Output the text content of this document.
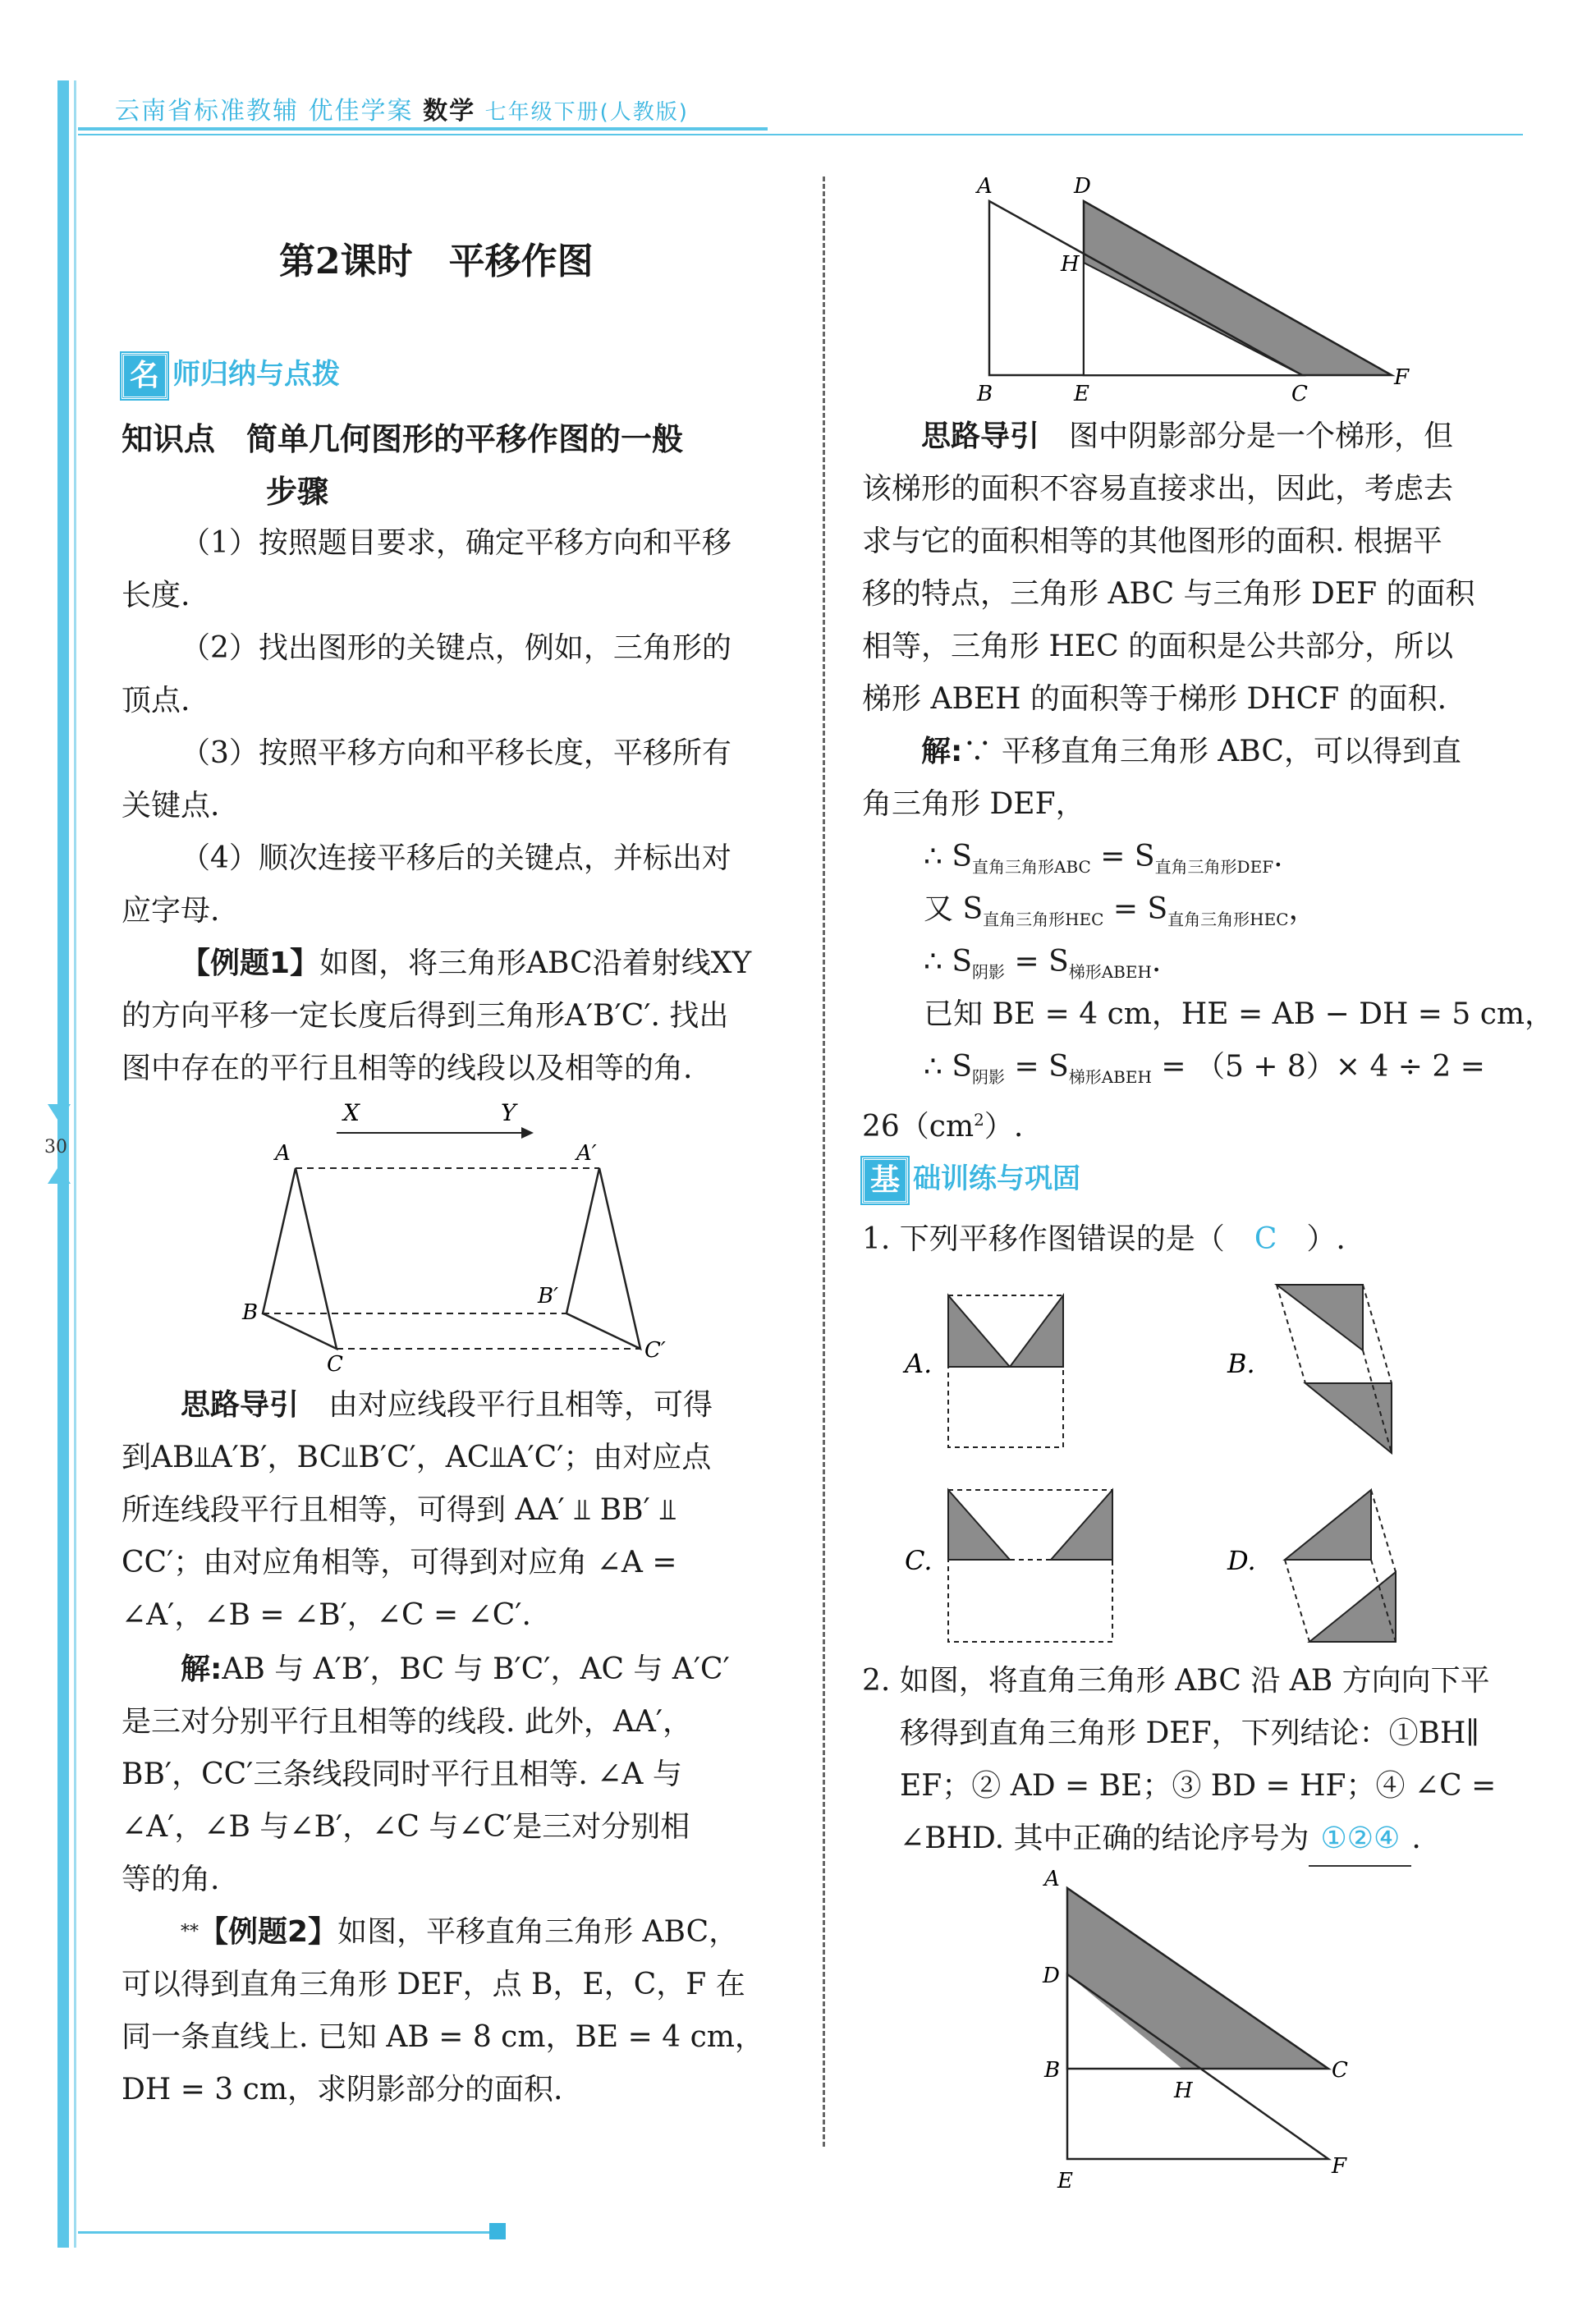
30
云南省标准教辅 优佳学案 数学 七年级下册(人教版)
第2课时　平移作图
名 师归纳与点拨
知识点　 简单几何图形的平移作图的一般
步骤

（1）按照题目要求，确定平移方向和平移

长度.

（2）找出图形的关键点，例如，三角形的

顶点.

（3）按照平移方向和平移长度，平移所有

关键点.

（4）顺次连接平移后的关键点，并标出对

应字母.

【例题1】如图，将三角形ABC沿着射线XY

的方向平移一定长度后得到三角形A′B′C′. 找出

图中存在的平行且相等的线段以及相等的角.

X	Y
A
B
C
A′
B′
C′

思路导引　 由对应线段平行且相等，可得

到AB⫫A′B′，BC⫫B′C′，AC⫫A′C′；由对应点

所连线段平行且相等，可得到 AA′ ⫫ BB′ ⫫

CC′；由对应角相等，可得到对应角 ∠A =

∠A′，∠B = ∠B′，∠C = ∠C′.

解:AB 与 A′B′，BC 与 B′C′，AC 与 A′C′

是三对分别平行且相等的线段. 此外，AA′，

BB′，CC′三条线段同时平行且相等. ∠A 与

∠A′，∠B 与∠B′，∠C 与∠C′是三对分别相

等的角.

**【例题2】如图，平移直角三角形 ABC，

可以得到直角三角形 DEF，点 B，E，C，F 在

同一条直线上. 已知 AB = 8 cm，BE = 4 cm，

DH = 3 cm，求阴影部分的面积.

A	D
H
B	E	C
F

思路导引　 图中阴影部分是一个梯形，但

该梯形的面积不容易直接求出，因此，考虑去

求与它的面积相等的其他图形的面积. 根据平

移的特点，三角形 ABC 与三角形 DEF 的面积

相等，三角形 HEC 的面积是公共部分，所以

梯形 ABEH 的面积等于梯形 DHCF 的面积.

解:∵ 平移直角三角形 ABC，可以得到直

角三角形 DEF，

∴ $S_{直角三角形ABC} = S_{直角三角形DEF}$.
又 $S_{直角三角形HEC} = S_{直角三角形HEC}$，
∴ $S_{阴影} = S_{梯形ABEH}$.
已知 BE = 4 cm，HE = AB − DH = 5 cm，
∴ $S_{阴影} = S_{梯形ABEH} = (5 + 8)\times 4 \div 2$ =
$26(cm^2)$.
基 础训练与巩固

1. 下列平移作图错误的是（　 C　 ）.

A.	B.
C.	D.

2. 如图，将直角三角形 ABC 沿 AB 方向向下平

移得到直角三角形 DEF，下列结论：①BH∥

EF；② AD = BE；③ BD = HF；④ ∠C =

∠BHD. 其中正确的结论序号为 ①②④ .

A
D
B
H
C
E
F
